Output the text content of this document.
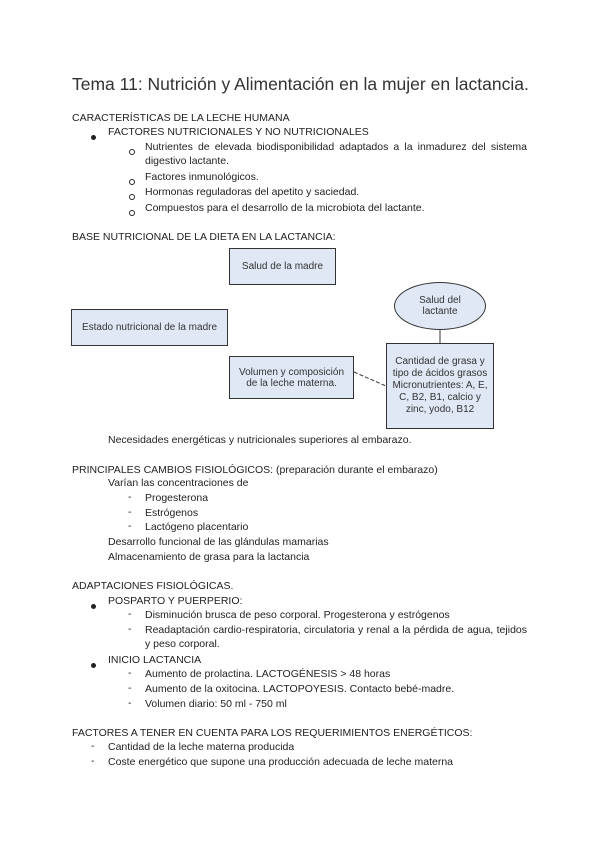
Tema 11: Nutrición y Alimentación en la mujer en lactancia.
CARACTERÍSTICAS DE LA LECHE HUMANA
FACTORES NUTRICIONALES Y NO NUTRICIONALES
Nutrientes de elevada biodisponibilidad adaptados a la inmadurez del sistema digestivo lactante.
Factores inmunológicos.
Hormonas reguladoras del apetito y saciedad.
Compuestos para el desarrollo de la microbiota del lactante.
BASE NUTRICIONAL DE LA DIETA EN LA LACTANCIA:
Salud de la madre
Estado nutricional de la madre
Salud del lactante
Volumen y composición de la leche materna.
Cantidad de grasa y tipo de ácidos grasos
Micronutrientes: A, E, C, B2, B1, calcio y zinc, yodo, B12
Necesidades energéticas y nutricionales superiores al embarazo.
PRINCIPALES CAMBIOS FISIOLÓGICOS: (preparación durante el embarazo)
Varían las concentraciones de
- Progesterona
- Estrógenos
- Lactógeno placentario
Desarrollo funcional de las glándulas mamarias
Almacenamiento de grasa para la lactancia
ADAPTACIONES FISIOLÓGICAS.
POSPARTO Y PUERPERIO:
- Disminución brusca de peso corporal. Progesterona y estrógenos
- Readaptación cardio-respiratoria, circulatoria y renal a la pérdida de agua, tejidos y peso corporal.
INICIO LACTANCIA
- Aumento de prolactina. LACTOGÉNESIS > 48 horas
- Aumento de la oxitocina. LACTOPOYESIS. Contacto bebé-madre.
- Volumen diario: 50 ml - 750 ml
FACTORES A TENER EN CUENTA PARA LOS REQUERIMIENTOS ENERGÉTICOS:
- Cantidad de la leche materna producida
- Coste energético que supone una producción adecuada de leche materna
